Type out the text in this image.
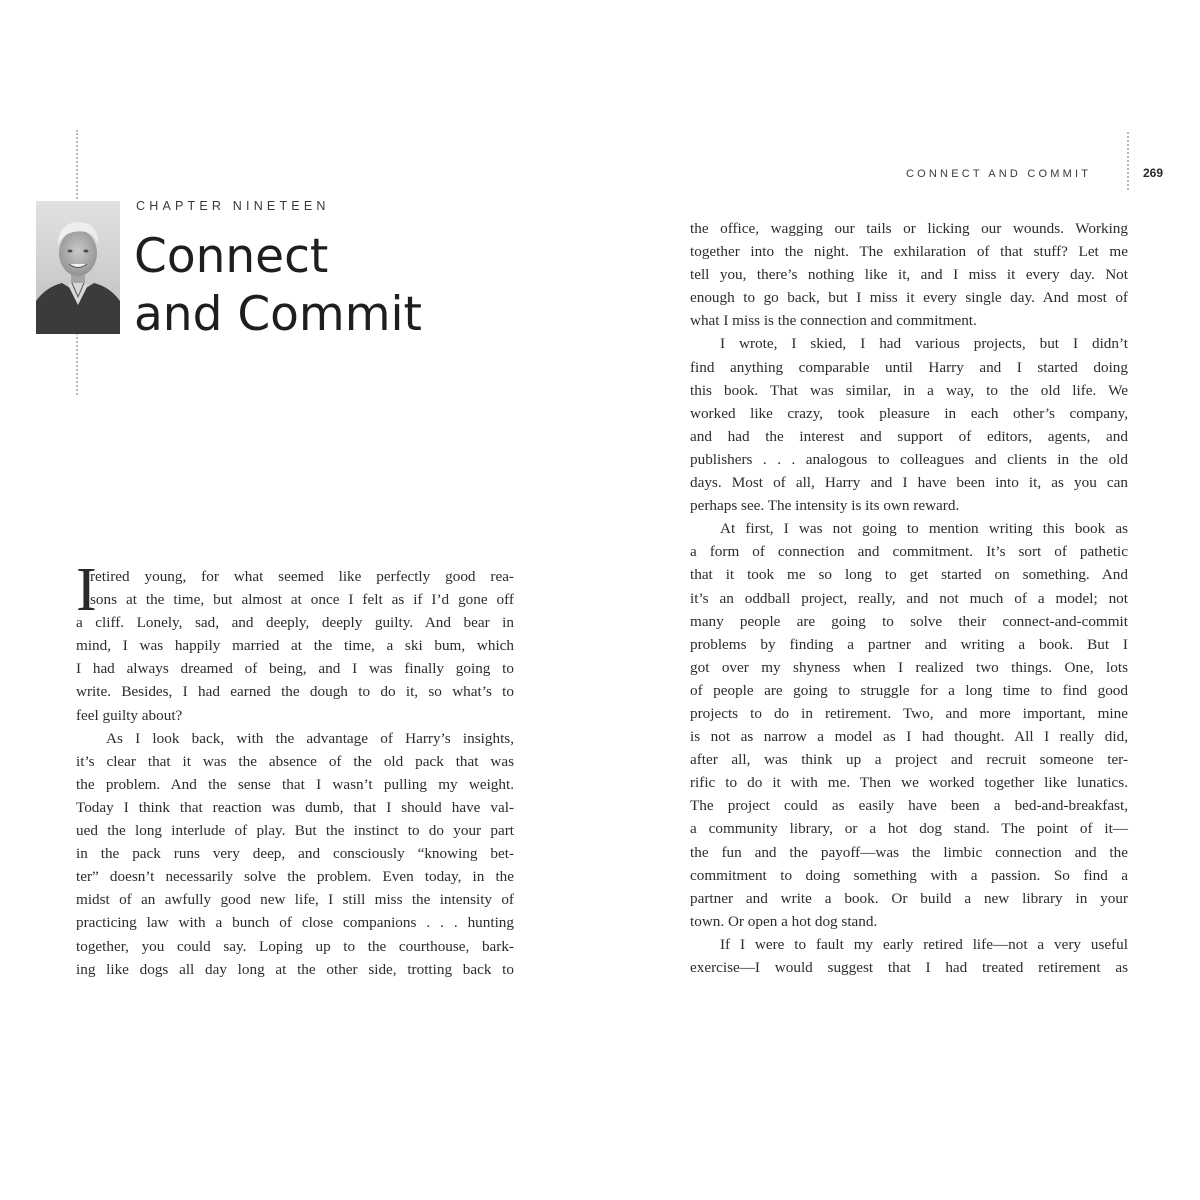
CHAPTER NINETEEN
Connect
and Commit
CONNECT AND COMMIT	269
I
retired young, for what seemed like perfectly good rea-
sons at the time, but almost at once I felt as if I’d gone off
a cliff. Lonely, sad, and deeply, deeply guilty. And bear in
mind, I was happily married at the time, a ski bum, which
I had always dreamed of being, and I was finally going to
write. Besides, I had earned the dough to do it, so what’s to
feel guilty about?
As I look back, with the advantage of Harry’s insights,
it’s clear that it was the absence of the old pack that was
the problem. And the sense that I wasn’t pulling my weight.
Today I think that reaction was dumb, that I should have val-
ued the long interlude of play. But the instinct to do your part
in the pack runs very deep, and consciously “knowing bet-
ter” doesn’t necessarily solve the problem. Even today, in the
midst of an awfully good new life, I still miss the intensity of
practicing law with a bunch of close companions . . . hunting
together, you could say. Loping up to the courthouse, bark-
ing like dogs all day long at the other side, trotting back to
the office, wagging our tails or licking our wounds. Working
together into the night. The exhilaration of that stuff? Let me
tell you, there’s nothing like it, and I miss it every day. Not
enough to go back, but I miss it every single day. And most of
what I miss is the connection and commitment.
I wrote, I skied, I had various projects, but I didn’t
find anything comparable until Harry and I started doing
this book. That was similar, in a way, to the old life. We
worked like crazy, took pleasure in each other’s company,
and had the interest and support of editors, agents, and
publishers . . . analogous to colleagues and clients in the old
days. Most of all, Harry and I have been into it, as you can
perhaps see. The intensity is its own reward.
At first, I was not going to mention writing this book as
a form of connection and commitment. It’s sort of pathetic
that it took me so long to get started on something. And
it’s an oddball project, really, and not much of a model; not
many people are going to solve their connect-and-commit
problems by finding a partner and writing a book. But I
got over my shyness when I realized two things. One, lots
of people are going to struggle for a long time to find good
projects to do in retirement. Two, and more important, mine
is not as narrow a model as I had thought. All I really did,
after all, was think up a project and recruit someone ter-
rific to do it with me. Then we worked together like lunatics.
The project could as easily have been a bed-and-breakfast,
a community library, or a hot dog stand. The point of it—
the fun and the payoff—was the limbic connection and the
commitment to doing something with a passion. So find a
partner and write a book. Or build a new library in your
town. Or open a hot dog stand.
If I were to fault my early retired life—not a very useful
exercise—I would suggest that I had treated retirement as
